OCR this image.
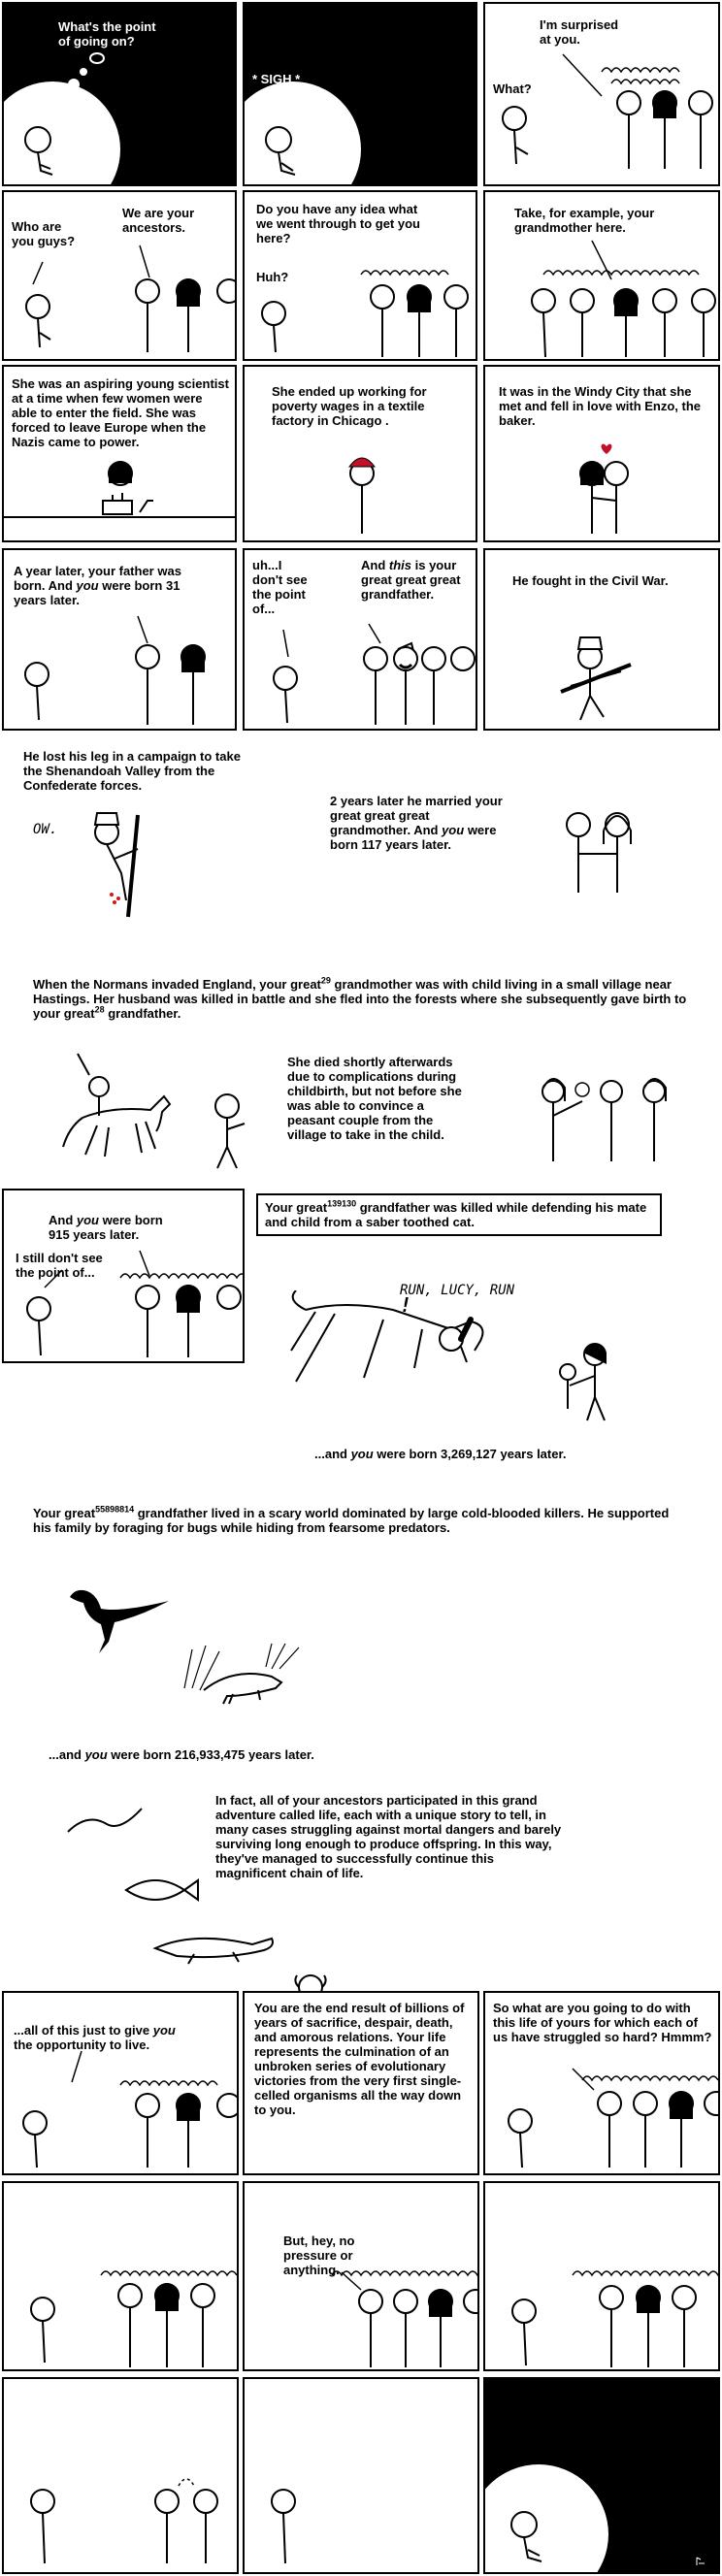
What's the point
of going on?
* SIGH *
I'm surprised
at you.
What?
Who are
you guys?
We are your
ancestors.
Do you have any idea what
we went through to get you
here?
Huh?
Take, for example, your
grandmother here.
She was an aspiring young scientist at a time when few women were able to enter the field. She was forced to leave Europe when the Nazis came to power.
She ended up working for poverty wages in a textile factory in Chicago .
It was in the Windy City that she met and fell in love with Enzo, the baker.
A year later, your father was born. And you were born 31 years later.
uh...I
don't see
the point
of...
And this is your great great great grandfather.
He fought in the Civil War.
He lost his leg in a campaign to take the Shenandoah Valley from the Confederate forces.
OW.
2 years later he married your great great great grandmother. And you were born 117 years later.
When the Normans invaded England, your great$^{29}$ grandmother was with child living in a small village near Hastings. Her husband was killed in battle and she fled into the forests where she subsequently gave birth to your great$^{28}$ grandfather.
She died shortly afterwards due to complications during childbirth, but not before she was able to convince a peasant couple from the village to take in the child.

And you were born
915 years later.

I still don't see
the point of...
Your great$^{139130}$ grandfather was killed while defending his mate and child from a saber toothed cat.

RUN, LUCY, RUN
!

...and you were born 3,269,127 years later.

Your great$^{55898814}$ grandfather lived in a scary world dominated by large cold-blooded killers. He supported his family by foraging for bugs while hiding from fearsome predators.

...and you were born 216,933,475 years later.

In fact, all of your ancestors participated in this grand adventure called life, each with a unique story to tell, in many cases struggling against mortal dangers and barely surviving long enough to produce offspring. In this way, they've managed to successfully continue this magnificent chain of life.

...all of this just to give you
the opportunity to live.

You are the end result of billions of years of sacrifice, despair, death, and amorous relations. Your life represents the culmination of an unbroken series of evolutionary victories from the very first single-celled organisms all the way down to you.
So what are you going to do with this life of yours for which each of us have struggled so hard? Hmmm?
But, hey, no
pressure or
anything.
